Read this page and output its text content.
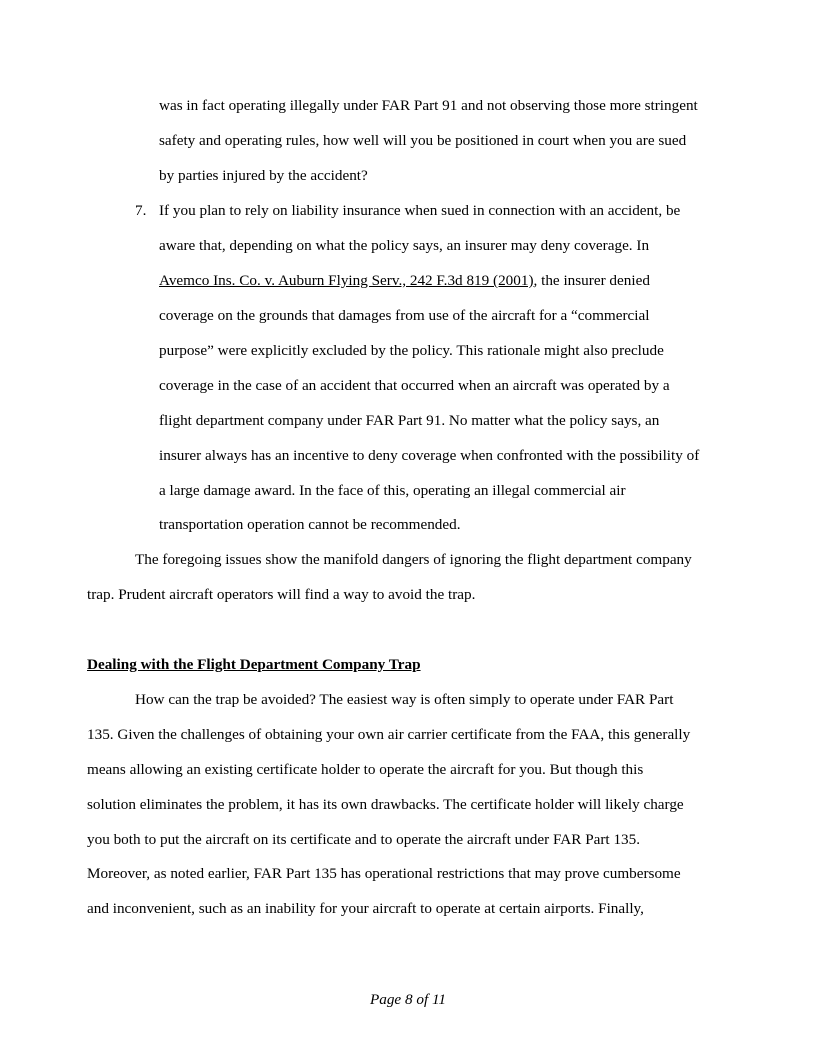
was in fact operating illegally under FAR Part 91 and not observing those more stringent
safety and operating rules, how well will you be positioned in court when you are sued
by parties injured by the accident?
7. If you plan to rely on liability insurance when sued in connection with an accident, be
aware that, depending on what the policy says, an insurer may deny coverage. In
Avemco Ins. Co. v. Auburn Flying Serv., 242 F.3d 819 (2001), the insurer denied
coverage on the grounds that damages from use of the aircraft for a “commercial
purpose” were explicitly excluded by the policy. This rationale might also preclude
coverage in the case of an accident that occurred when an aircraft was operated by a
flight department company under FAR Part 91. No matter what the policy says, an
insurer always has an incentive to deny coverage when confronted with the possibility of
a large damage award. In the face of this, operating an illegal commercial air
transportation operation cannot be recommended.
The foregoing issues show the manifold dangers of ignoring the flight department company
trap. Prudent aircraft operators will find a way to avoid the trap.
Dealing with the Flight Department Company Trap
How can the trap be avoided? The easiest way is often simply to operate under FAR Part
135. Given the challenges of obtaining your own air carrier certificate from the FAA, this generally
means allowing an existing certificate holder to operate the aircraft for you. But though this
solution eliminates the problem, it has its own drawbacks. The certificate holder will likely charge
you both to put the aircraft on its certificate and to operate the aircraft under FAR Part 135.
Moreover, as noted earlier, FAR Part 135 has operational restrictions that may prove cumbersome
and inconvenient, such as an inability for your aircraft to operate at certain airports. Finally,
Page 8 of 11
